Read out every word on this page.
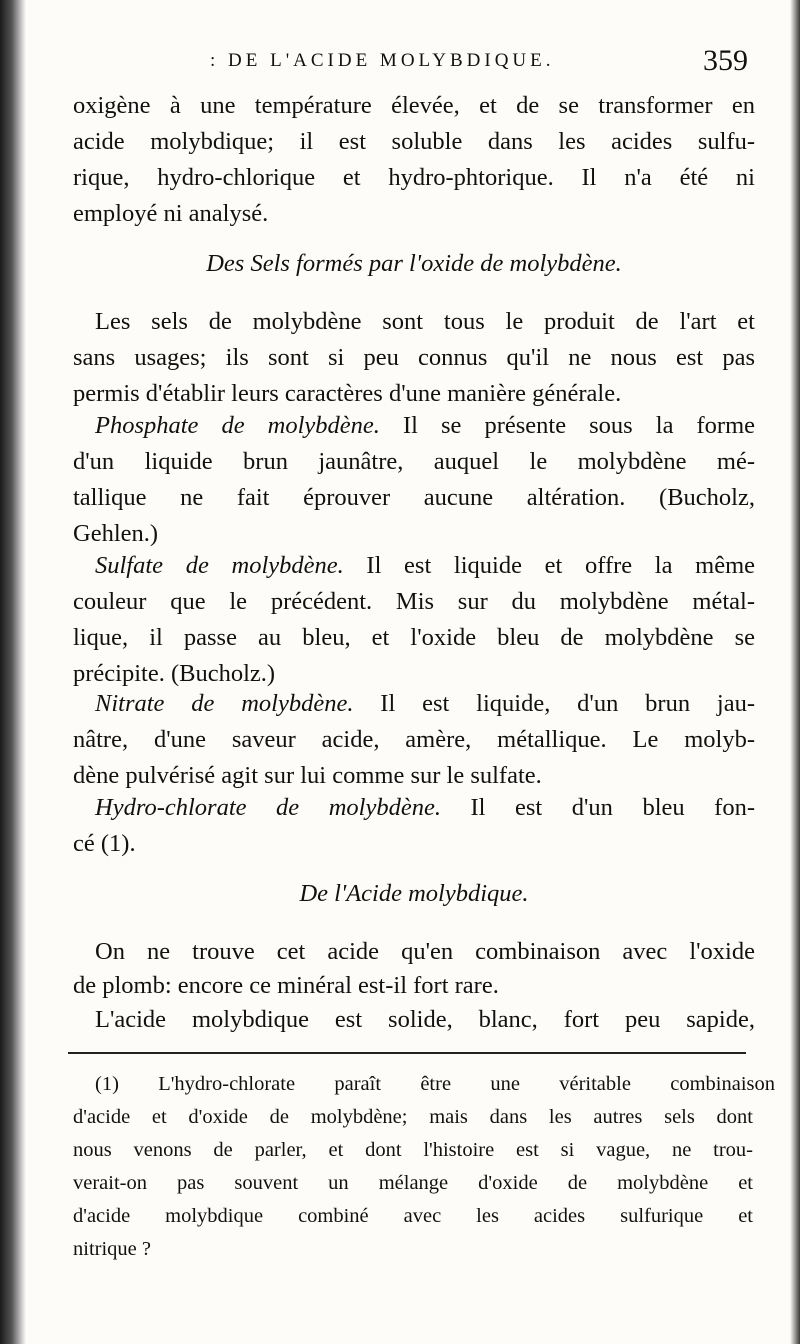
: DE L'ACIDE MOLYBDIQUE.	359
oxigène à une température élevée, et de se transformer en
acide molybdique; il est soluble dans les acides sulfu-
rique, hydro-chlorique et hydro-phtorique. Il n'a été ni
employé ni analysé.
Des Sels formés par l'oxide de molybdène.
Les sels de molybdène sont tous le produit de l'art et
sans usages; ils sont si peu connus qu'il ne nous est pas
permis d'établir leurs caractères d'une manière générale.
Phosphate de molybdène. Il se présente sous la forme
d'un liquide brun jaunâtre, auquel le molybdène mé-
tallique ne fait éprouver aucune altération. (Bucholz,
Gehlen.)
Sulfate de molybdène. Il est liquide et offre la même
couleur que le précédent. Mis sur du molybdène métal-
lique, il passe au bleu, et l'oxide bleu de molybdène se
précipite. (Bucholz.)
Nitrate de molybdène. Il est liquide, d'un brun jau-
nâtre, d'une saveur acide, amère, métallique. Le molyb-
dène pulvérisé agit sur lui comme sur le sulfate.
Hydro-chlorate de molybdène. Il est d'un bleu fon-
cé (1).
De l'Acide molybdique.
On ne trouve cet acide qu'en combinaison avec l'oxide
de plomb: encore ce minéral est-il fort rare.
L'acide molybdique est solide, blanc, fort peu sapide,
(1) L'hydro-chlorate paraît être une véritable combinaison
d'acide et d'oxide de molybdène; mais dans les autres sels dont
nous venons de parler, et dont l'histoire est si vague, ne trou-
verait-on pas souvent un mélange d'oxide de molybdène et
d'acide molybdique combiné avec les acides sulfurique et
nitrique ?
